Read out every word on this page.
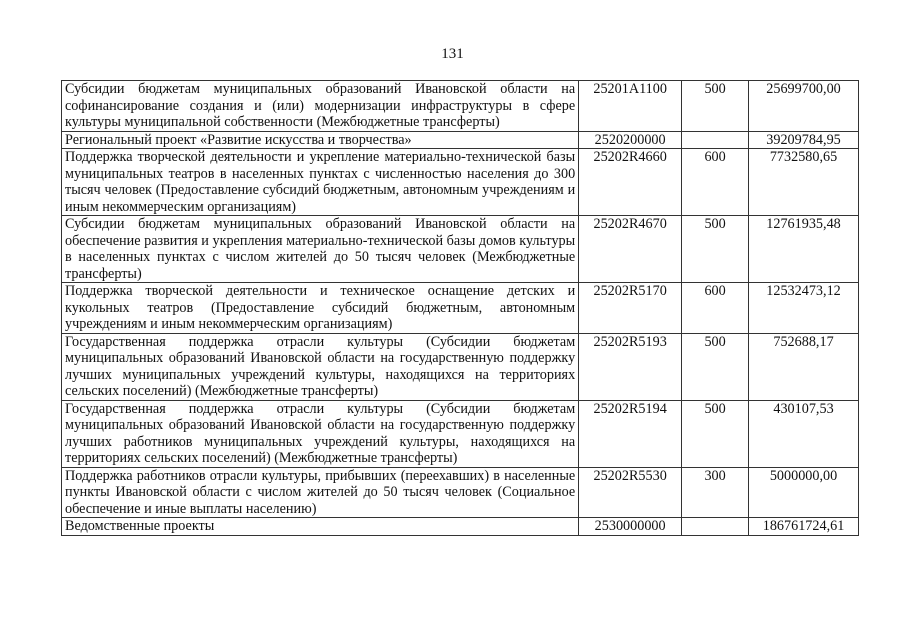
131
Субсидии бюджетам муниципальных образований Ивановской области на софинансирование создания и (или) модернизации инфраструктуры в сфере культуры муниципальной собственности (Межбюджетные трансферты)	25201A1100	500	25699700,00
Региональный проект «Развитие искусства и творчества»	2520200000		39209784,95
Поддержка творческой деятельности и укрепление материально-технической базы муниципальных театров в населенных пунктах с численностью населения до 300 тысяч человек (Предоставление субсидий бюджетным, автономным учреждениям и иным некоммерческим организациям)	25202R4660	600	7732580,65
Субсидии бюджетам муниципальных образований Ивановской области на обеспечение развития и укрепления материально-технической базы домов культуры в населенных пунктах с числом жителей до 50 тысяч человек (Межбюджетные трансферты)	25202R4670	500	12761935,48
Поддержка творческой деятельности и техническое оснащение детских и кукольных театров (Предоставление субсидий бюджетным, автономным учреждениям и иным некоммерческим организациям)	25202R5170	600	12532473,12
Государственная поддержка отрасли культуры (Субсидии бюджетам муниципальных образований Ивановской области на государственную поддержку лучших муниципальных учреждений культуры, находящихся на территориях сельских поселений) (Межбюджетные трансферты)	25202R5193	500	752688,17
Государственная поддержка отрасли культуры (Субсидии бюджетам муниципальных образований Ивановской области на государственную поддержку лучших работников муниципальных учреждений культуры, находящихся на территориях сельских поселений) (Межбюджетные трансферты)	25202R5194	500	430107,53
Поддержка работников отрасли культуры, прибывших (переехавших) в населенные пункты Ивановской области с числом жителей до 50 тысяч человек (Социальное обеспечение и иные выплаты населению)	25202R5530	300	5000000,00
Ведомственные проекты	2530000000		186761724,61
